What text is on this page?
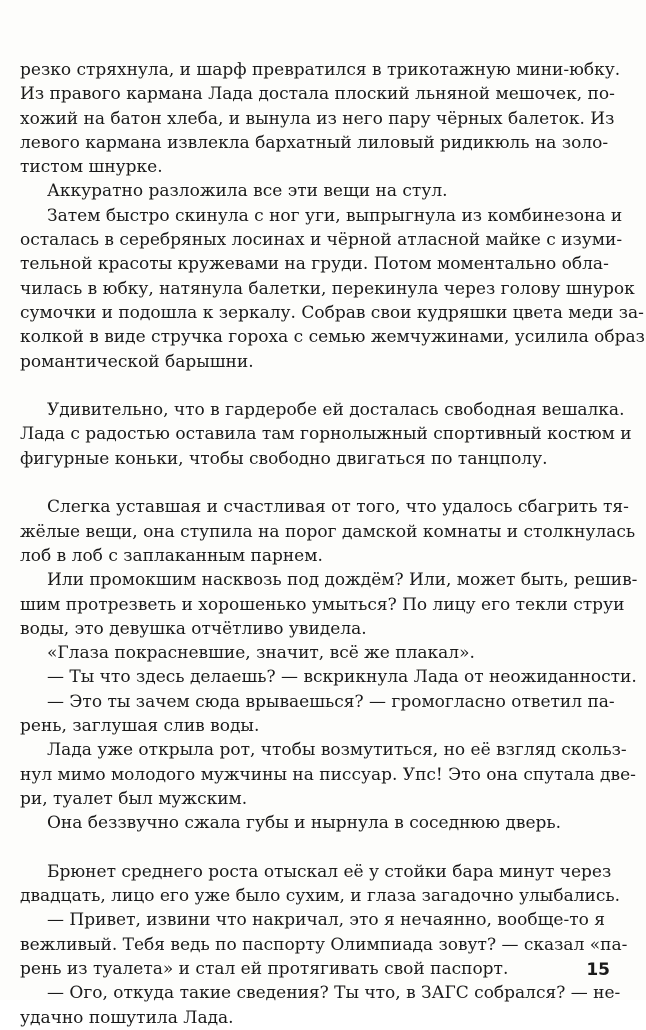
резко стряхнула, и шарф превратился в трикотажную мини-юбку.
Из правого кармана Лада достала плоский льняной мешочек, по-
хожий на батон хлеба, и вынула из него пару чёрных балеток. Из
левого кармана извлекла бархатный лиловый ридикюль на золо-
тистом шнурке.
Аккуратно разложила все эти вещи на стул.
Затем быстро скинула с ног уги, выпрыгнула из комбинезона и
осталась в серебряных лосинах и чёрной атласной майке с изуми-
тельной красоты кружевами на груди. Потом моментально обла-
чилась в юбку, натянула балетки, перекинула через голову шнурок
сумочки и подошла к зеркалу. Собрав свои кудряшки цвета меди за-
колкой в виде стручка гороха с семью жемчужинами, усилила образ
романтической барышни.
Удивительно, что в гардеробе ей досталась свободная вешалка.
Лада с радостью оставила там горнолыжный спортивный костюм и
фигурные коньки, чтобы свободно двигаться по танцполу.
Слегка уставшая и счастливая от того, что удалось сбагрить тя-
жёлые вещи, она ступила на порог дамской комнаты и столкнулась
лоб в лоб с заплаканным парнем.
Или промокшим насквозь под дождём? Или, может быть, решив-
шим протрезветь и хорошенько умыться? По лицу его текли струи
воды, это девушка отчётливо увидела.
«Глаза покрасневшие, значит, всё же плакал».
— Ты что здесь делаешь? — вскрикнула Лада от неожиданности.
— Это ты зачем сюда врываешься? — громогласно ответил па-
рень, заглушая слив воды.
Лада уже открыла рот, чтобы возмутиться, но её взгляд скольз-
нул мимо молодого мужчины на писсуар. Упс! Это она спутала две-
ри, туалет был мужским.
Она беззвучно сжала губы и нырнула в соседнюю дверь.
Брюнет среднего роста отыскал её у стойки бара минут через
двадцать, лицо его уже было сухим, и глаза загадочно улыбались.
— Привет, извини что накричал, это я нечаянно, вообще-то я
вежливый. Тебя ведь по паспорту Олимпиада зовут? — сказал «па-
рень из туалета» и стал ей протягивать свой паспорт.
— Ого, откуда такие сведения? Ты что, в ЗАГС собрался? — не-
удачно пошутила Лада.
15
